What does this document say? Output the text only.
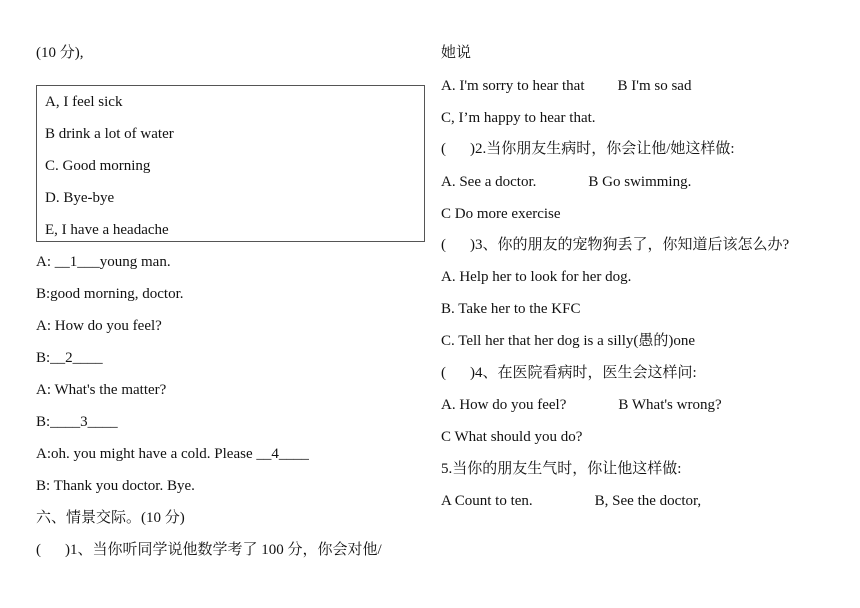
(10 分),
A, I feel sick
B drink a lot of water
C. Good morning
D. Bye-bye
E, I have a headache
A: __1___young man.
B:good morning, doctor.
A: How do you feel?
B:__2____
A: What's the matter?
B:____3____
A:oh. you might have a cold. Please __4____
B: Thank you doctor. Bye.
六、情景交际。(10 分)
( )1、当你听同学说他数学考了 100 分，你会对他/
她说
A. I'm sorry to hear that B I'm so sad
C, I’m happy to hear that.
( )2.当你朋友生病时，你会让他/她这样做:
A. See a doctor.	B Go swimming.
C Do more exercise
( )3、你的朋友的宠物狗丢了，你知道后该怎么办?
A. Help her to look for her dog.
B. Take her to the KFC
C. Tell her that her dog is a silly(愚的)one
( )4、在医院看病时，医生会这样问:
A. How do you feel?	B What's wrong?
C What should you do?
5.当你的朋友生气时，你让他这样做:
A Count to ten.	B, See the doctor,
